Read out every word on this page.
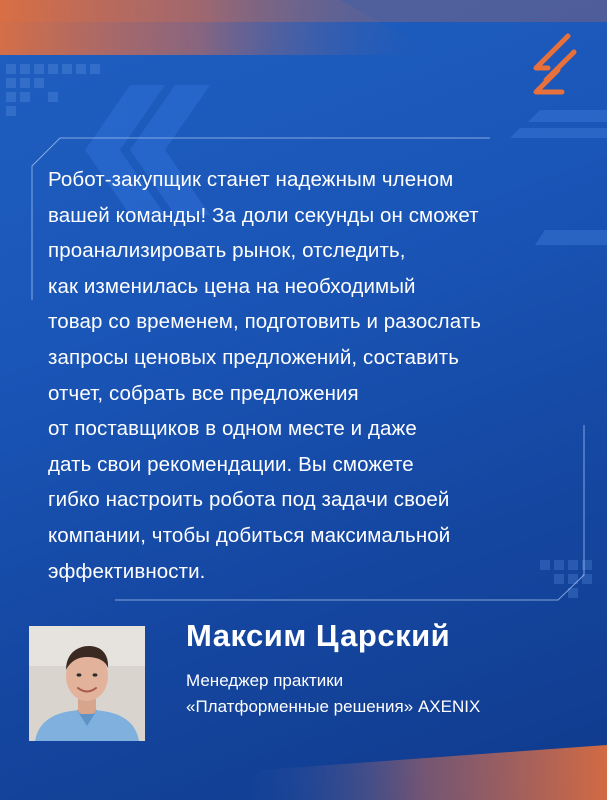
Робот-закупщик станет надежным членом
вашей команды! За доли секунды он сможет
проанализировать рынок, отследить,
как изменилась цена на необходимый
товар со временем, подготовить и разослать
запросы ценовых предложений, составить
отчет, собрать все предложения
от поставщиков в одном месте и даже
дать свои рекомендации. Вы сможете
гибко настроить робота под задачи своей
компании, чтобы добиться максимальной
эффективности.

Максим Царский

Менеджер практики
«Платформенные решения» AXENIX
